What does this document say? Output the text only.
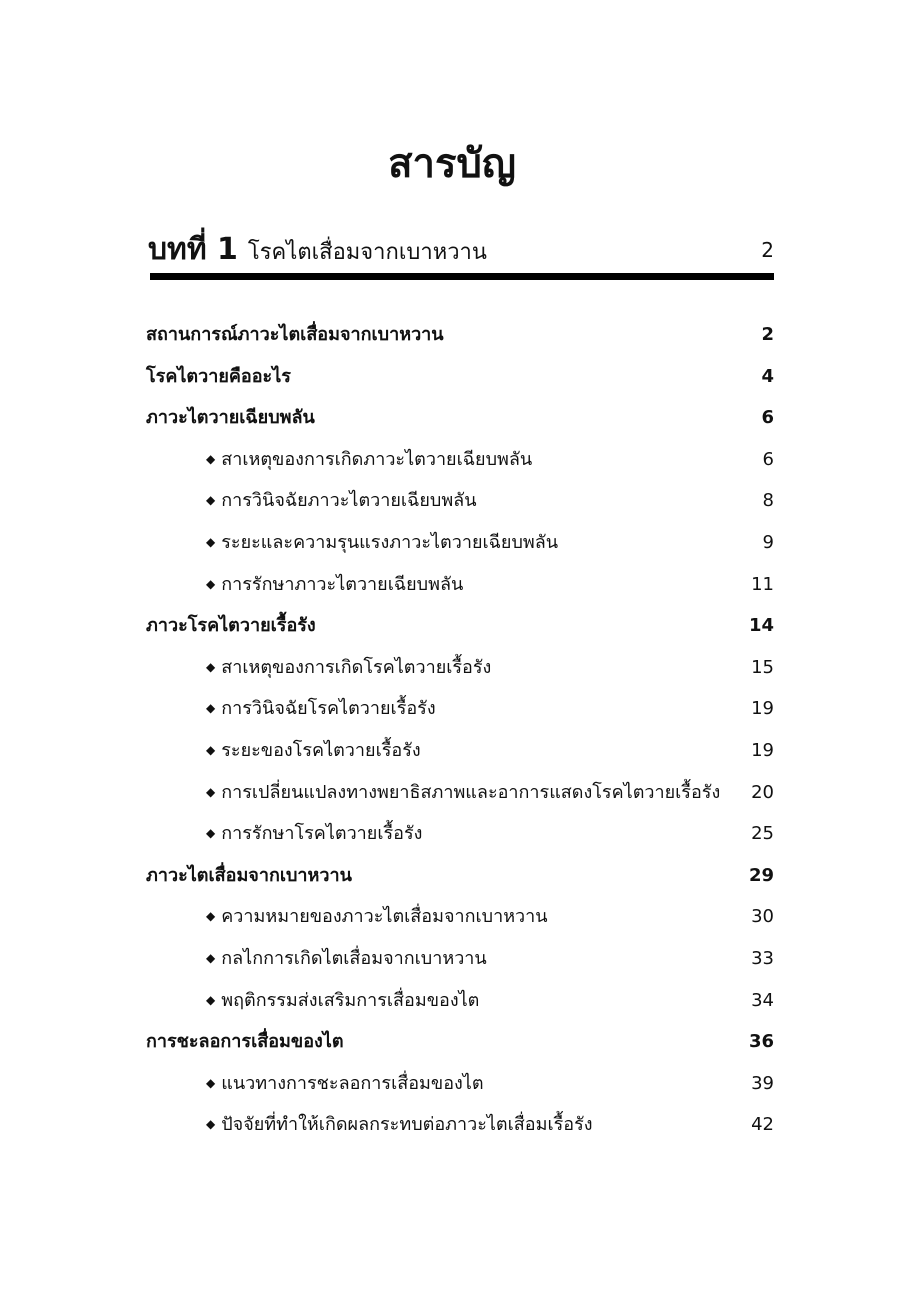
สารบัญ
บทที่ 1 โรคไตเสื่อมจากเบาหวาน	2
สถานการณ์ภาวะไตเสื่อมจากเบาหวาน	2
โรคไตวายคืออะไร	4
ภาวะไตวายเฉียบพลัน	6
◆ สาเหตุของการเกิดภาวะไตวายเฉียบพลัน	6
◆ การวินิจฉัยภาวะไตวายเฉียบพลัน	8
◆ ระยะและความรุนแรงภาวะไตวายเฉียบพลัน	9
◆ การรักษาภาวะไตวายเฉียบพลัน	11
ภาวะโรคไตวายเรื้อรัง	14
◆ สาเหตุของการเกิดโรคไตวายเรื้อรัง	15
◆ การวินิจฉัยโรคไตวายเรื้อรัง	19
◆ ระยะของโรคไตวายเรื้อรัง	19
◆ การเปลี่ยนแปลงทางพยาธิสภาพและอาการแสดงโรคไตวายเรื้อรัง 20
◆ การรักษาโรคไตวายเรื้อรัง	25
ภาวะไตเสื่อมจากเบาหวาน	29
◆ ความหมายของภาวะไตเสื่อมจากเบาหวาน	30
◆ กลไกการเกิดไตเสื่อมจากเบาหวาน	33
◆ พฤติกรรมส่งเสริมการเสื่อมของไต	34
การชะลอการเสื่อมของไต	36
◆ แนวทางการชะลอการเสื่อมของไต	39
◆ ปัจจัยที่ทำให้เกิดผลกระทบต่อภาวะไตเสื่อมเรื้อรัง	42
